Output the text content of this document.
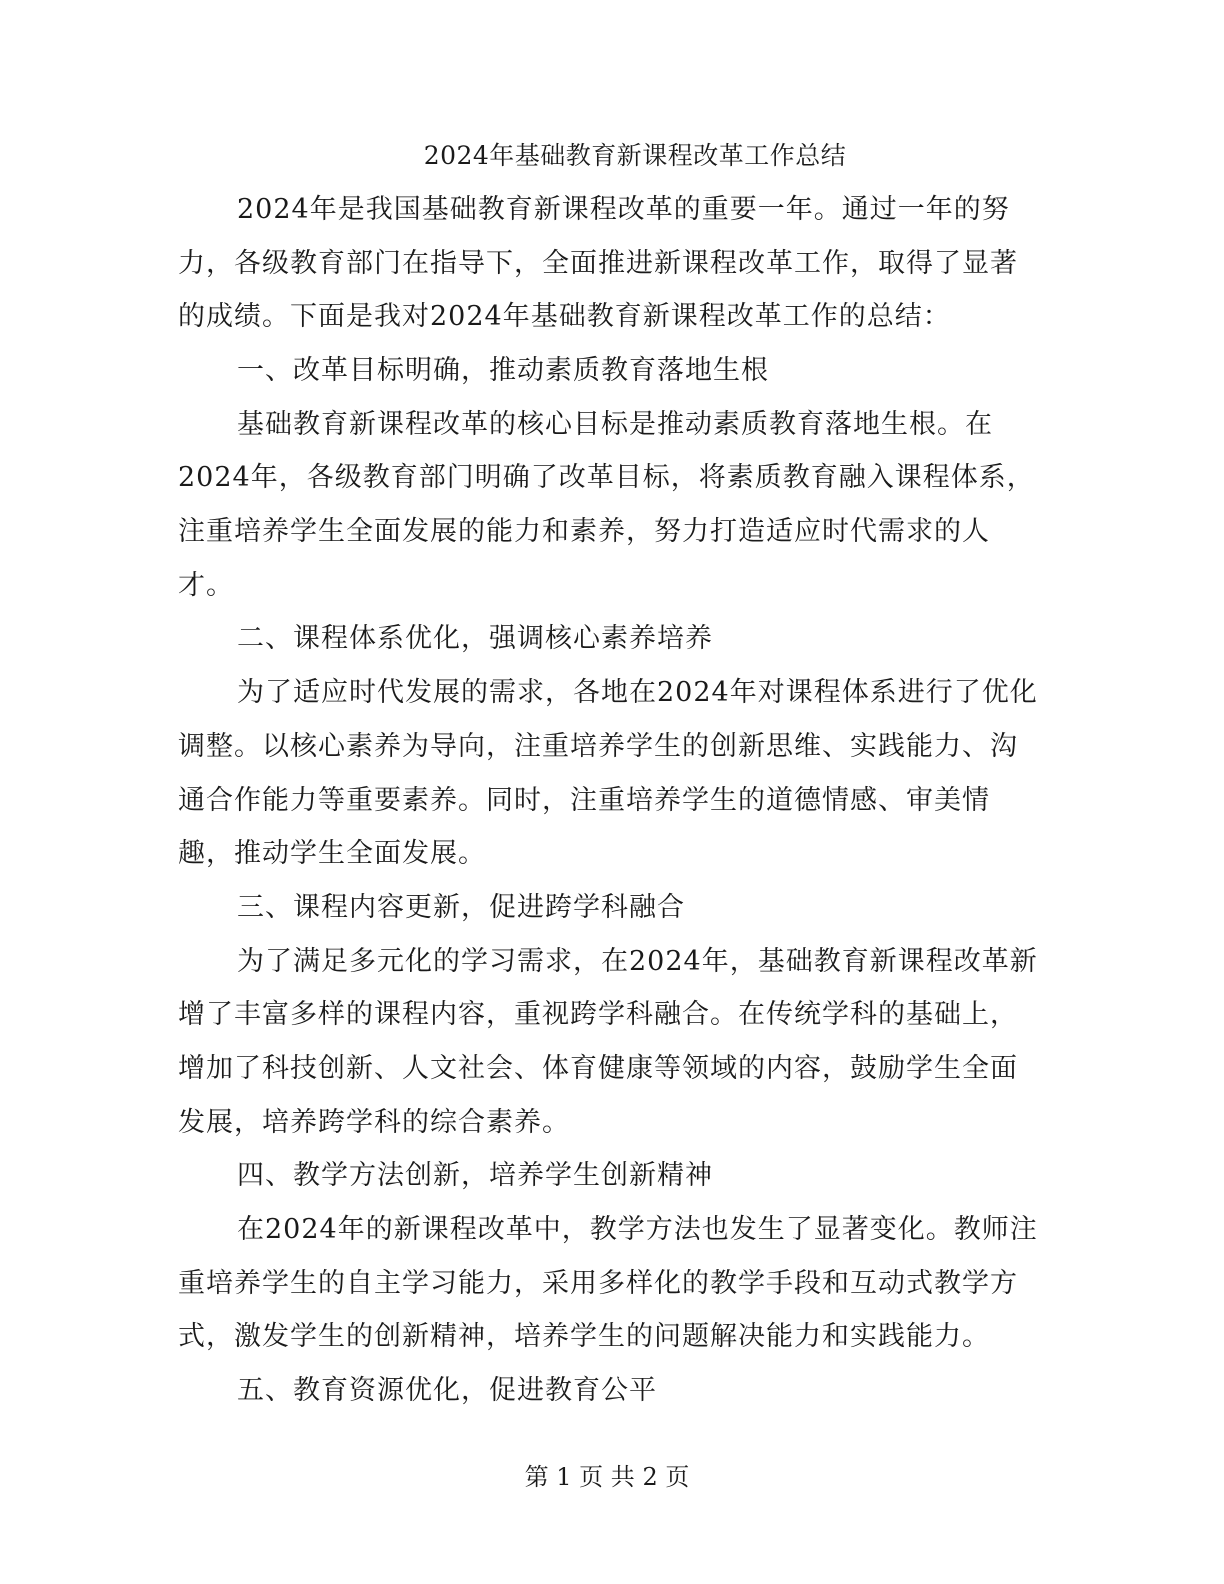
2024年基础教育新课程改革工作总结
2024年是我国基础教育新课程改革的重要一年。通过一年的努
力，各级教育部门在指导下，全面推进新课程改革工作，取得了显著
的成绩。下面是我对2024年基础教育新课程改革工作的总结：
一、改革目标明确，推动素质教育落地生根
基础教育新课程改革的核心目标是推动素质教育落地生根。在
2024年，各级教育部门明确了改革目标，将素质教育融入课程体系，
注重培养学生全面发展的能力和素养，努力打造适应时代需求的人
才。
二、课程体系优化，强调核心素养培养
为了适应时代发展的需求，各地在2024年对课程体系进行了优化
调整。以核心素养为导向，注重培养学生的创新思维、实践能力、沟
通合作能力等重要素养。同时，注重培养学生的道德情感、审美情
趣，推动学生全面发展。
三、课程内容更新，促进跨学科融合
为了满足多元化的学习需求，在2024年，基础教育新课程改革新
增了丰富多样的课程内容，重视跨学科融合。在传统学科的基础上，
增加了科技创新、人文社会、体育健康等领域的内容，鼓励学生全面
发展，培养跨学科的综合素养。
四、教学方法创新，培养学生创新精神
在2024年的新课程改革中，教学方法也发生了显著变化。教师注
重培养学生的自主学习能力，采用多样化的教学手段和互动式教学方
式，激发学生的创新精神，培养学生的问题解决能力和实践能力。
五、教育资源优化，促进教育公平
第 1 页 共 2 页
